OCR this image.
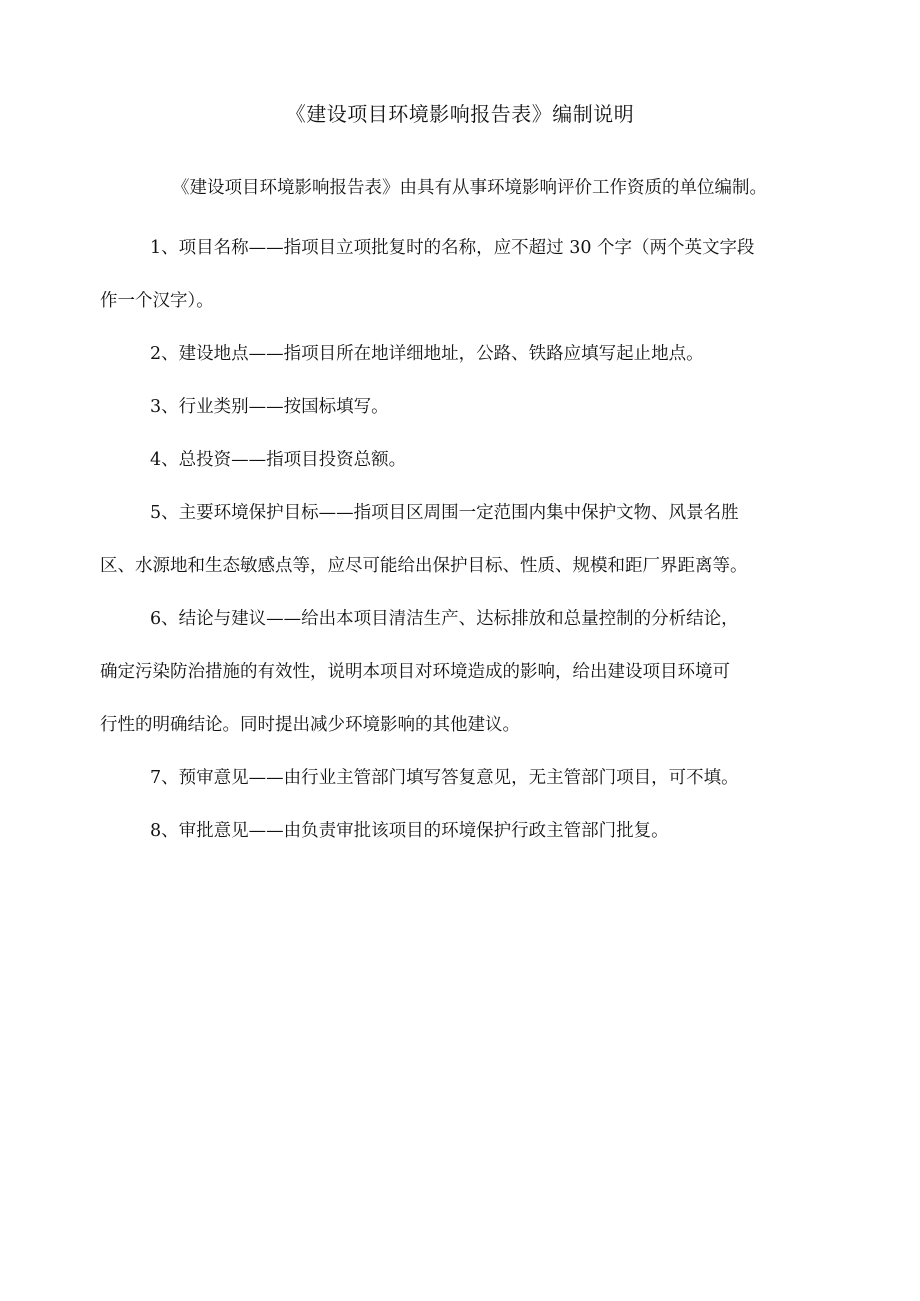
《建设项目环境影响报告表》编制说明

《建设项目环境影响报告表》由具有从事环境影响评价工作资质的单位编制。

1、项目名称——指项目立项批复时的名称，应不超过 30 个字（两个英文字段
作一个汉字）。
2、建设地点——指项目所在地详细地址，公路、铁路应填写起止地点。
3、行业类别——按国标填写。
4、总投资——指项目投资总额。
5、主要环境保护目标——指项目区周围一定范围内集中保护文物、风景名胜
区、水源地和生态敏感点等，应尽可能给出保护目标、性质、规模和距厂界距离等。
6、结论与建议——给出本项目清洁生产、达标排放和总量控制的分析结论，
确定污染防治措施的有效性，说明本项目对环境造成的影响，给出建设项目环境可
行性的明确结论。同时提出减少环境影响的其他建议。
7、预审意见——由行业主管部门填写答复意见，无主管部门项目，可不填。
8、审批意见——由负责审批该项目的环境保护行政主管部门批复。
